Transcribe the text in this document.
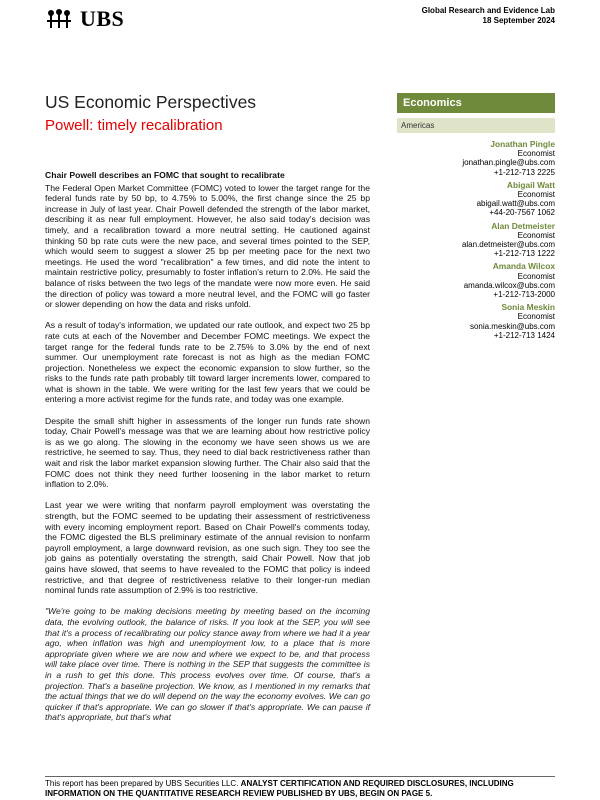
UBS	Global Research and Evidence Lab
18 September 2024
US Economic Perspectives
Powell: timely recalibration
Economics
Americas
Jonathan Pingle
Economist
jonathan.pingle@ubs.com
+1-212-713 2225
Abigail Watt
Economist
abigail.watt@ubs.com
+44-20-7567 1062
Alan Detmeister
Economist
alan.detmeister@ubs.com
+1-212-713 1222
Amanda Wilcox
Economist
amanda.wilcox@ubs.com
+1-212-713-2000
Sonia Meskin
Economist
sonia.meskin@ubs.com
+1-212-713 1424
Chair Powell describes an FOMC that sought to recalibrate

The Federal Open Market Committee (FOMC) voted to lower the target range for the federal funds rate by 50 bp, to 4.75% to 5.00%, the first change since the 25 bp increase in July of last year. Chair Powell defended the strength of the labor market, describing it as near full employment. However, he also said today's decision was timely, and a recalibration toward a more neutral setting. He cautioned against thinking 50 bp rate cuts were the new pace, and several times pointed to the SEP, which would seem to suggest a slower 25 bp per meeting pace for the next two meetings. He used the word "recalibration" a few times, and did note the intent to maintain restrictive policy, presumably to foster inflation's return to 2.0%. He said the balance of risks between the two legs of the mandate were now more even. He said the direction of policy was toward a more neutral level, and the FOMC will go faster or slower depending on how the data and risks unfold.

As a result of today's information, we updated our rate outlook, and expect two 25 bp rate cuts at each of the November and December FOMC meetings. We expect the target range for the federal funds rate to be 2.75% to 3.0% by the end of next summer. Our unemployment rate forecast is not as high as the median FOMC projection. Nonetheless we expect the economic expansion to slow further, so the risks to the funds rate path probably tilt toward larger increments lower, compared to what is shown in the table. We were writing for the last few years that we could be entering a more activist regime for the funds rate, and today was one example.

Despite the small shift higher in assessments of the longer run funds rate shown today, Chair Powell's message was that we are learning about how restrictive policy is as we go along. The slowing in the economy we have seen shows us we are restrictive, he seemed to say. Thus, they need to dial back restrictiveness rather than wait and risk the labor market expansion slowing further. The Chair also said that the FOMC does not think they need further loosening in the labor market to return inflation to 2.0%.

Last year we were writing that nonfarm payroll employment was overstating the strength, but the FOMC seemed to be updating their assessment of restrictiveness with every incoming employment report. Based on Chair Powell's comments today, the FOMC digested the BLS preliminary estimate of the annual revision to nonfarm payroll employment, a large downward revision, as one such sign. They too see the job gains as potentially overstating the strength, said Chair Powell. Now that job gains have slowed, that seems to have revealed to the FOMC that policy is indeed restrictive, and that degree of restrictiveness relative to their longer-run median nominal funds rate assumption of 2.9% is too restrictive.

"We're going to be making decisions meeting by meeting based on the incoming data, the evolving outlook, the balance of risks. If you look at the SEP, you will see that it's a process of recalibrating our policy stance away from where we had it a year ago, when inflation was high and unemployment low, to a place that is more appropriate given where we are now and where we expect to be, and that process will take place over time. There is nothing in the SEP that suggests the committee is in a rush to get this done. This process evolves over time. Of course, that's a projection. That's a baseline projection. We know, as I mentioned in my remarks that the actual things that we do will depend on the way the economy evolves. We can go quicker if that's appropriate. We can go slower if that's appropriate. We can pause if that's appropriate, but that's what

This report has been prepared by UBS Securities LLC. ANALYST CERTIFICATION AND REQUIRED DISCLOSURES, INCLUDING INFORMATION ON THE QUANTITATIVE RESEARCH REVIEW PUBLISHED BY UBS, BEGIN ON PAGE 5.
